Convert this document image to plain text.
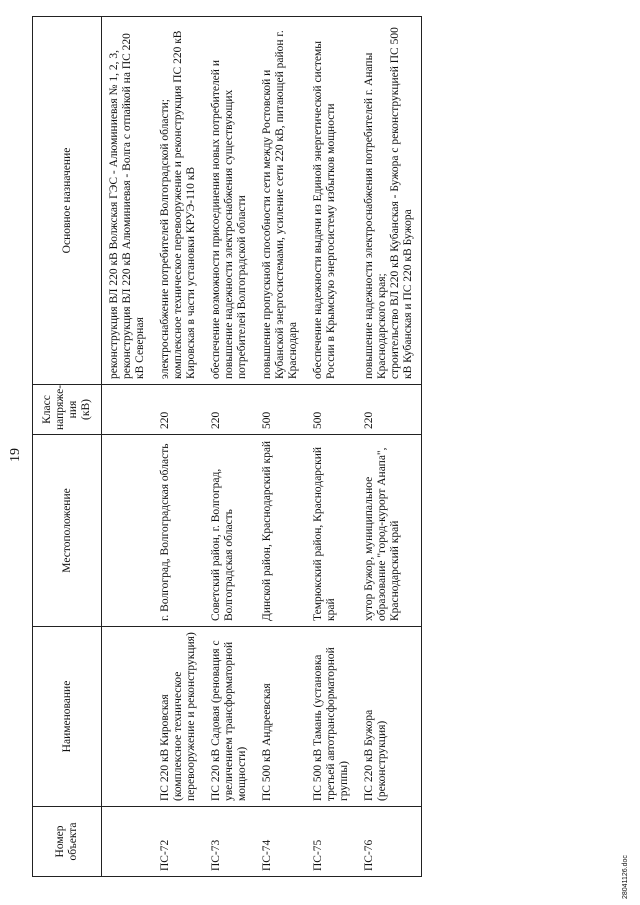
19
Номер объекта	Наименование	Местоположение	Класс напряже-ния (кВ)	Основное назначение
				реконструкция ВЛ 220 кВ Волжская ГЭС - Алюминиевая № 1, 2, 3, реконструкция ВЛ 220 кВ Алюминиевая - Волга с отпайкой на ПС 220 кВ Северная
ПС-72	ПС 220 кВ Кировская (комплексное техническое перевооружение и реконструкция)	г. Волгоград, Волгоградская область	220	электроснабжение потребителей Волгоградской области;
комплексное техническое перевооружение и реконструкция ПС 220 кВ Кировская в части установки КРУЭ-110 кВ
ПС-73	ПС 220 кВ Садовая (реновация с увеличением трансформаторной мощности)	Советский район, г. Волгоград, Волгоградская область	220	обеспечение возможности присоединения новых потребителей и повышение надежности электроснабжения существующих потребителей Волгоградской области
ПС-74	ПС 500 кВ Андреевская	Динской район, Краснодарский край	500	повышение пропускной способности сети между Ростовской и Кубанской энергосистемами, усиление сети 220 кВ, питающей район г. Краснодара
ПС-75	ПС 500 кВ Тамань (установка третьей автотрансформаторной группы)	Темрюкский район, Краснодарский край	500	обеспечение надежности выдачи из Единой энергетической системы России в Крымскую энергосистему избытков мощности
ПС-76	ПС 220 кВ Бужора (реконструкция)	хутор Бужор, муниципальное образование "город-курорт Анапа", Краснодарский край	220	повышение надежности электроснабжения потребителей г. Анапы Краснодарского края;
строительство ВЛ 220 кВ Кубанская - Бужора с реконструкцией ПС 500 кВ Кубанская и ПС 220 кВ Бужора
28041126.doc
